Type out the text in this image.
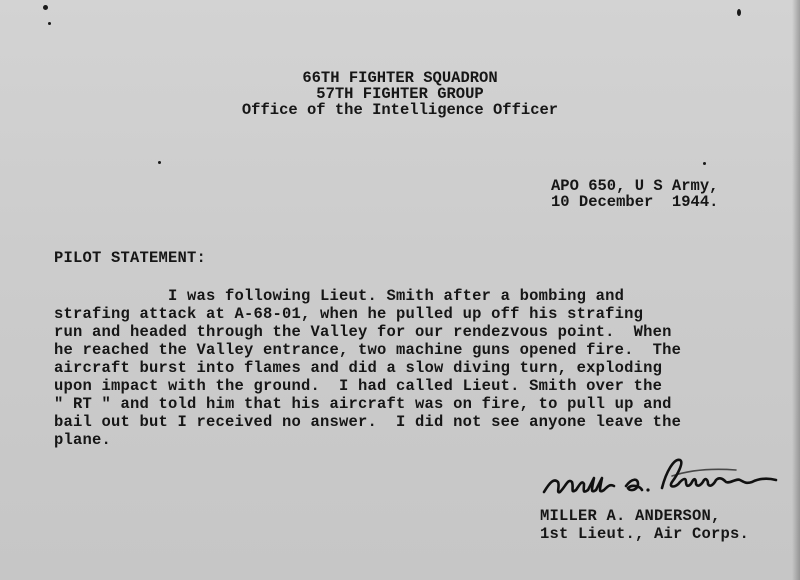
66TH FIGHTER SQUADRON
57TH FIGHTER GROUP
Office of the Intelligence Officer
APO 650, U S Army,
10 December  1944.
PILOT STATEMENT:
I was following Lieut. Smith after a bombing and
strafing attack at A-68-01, when he pulled up off his strafing
run and headed through the Valley for our rendezvous point.  When
he reached the Valley entrance, two machine guns opened fire.  The
aircraft burst into flames and did a slow diving turn, exploding
upon impact with the ground.  I had called Lieut. Smith over the
" RT " and told him that his aircraft was on fire, to pull up and
bail out but I received no answer.  I did not see anyone leave the
plane.
MILLER A. ANDERSON,
1st Lieut., Air Corps.
